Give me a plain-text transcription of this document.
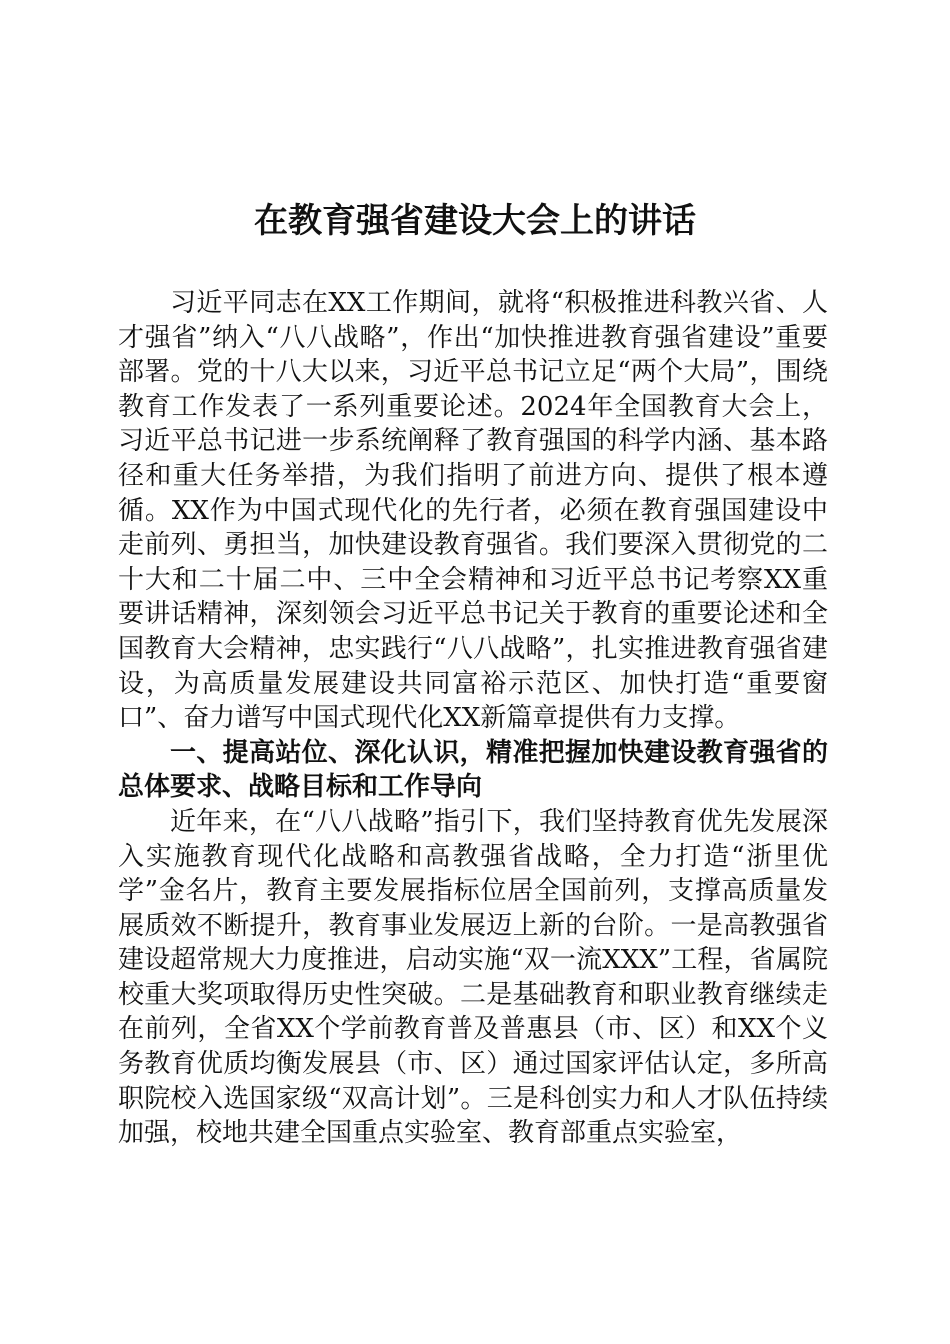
在教育强省建设大会上的讲话

习近平同志在XX工作期间，就将“积极推进科教兴省、人才强省”纳入“八八战略”，作出“加快推进教育强省建设”重要部署。党的十八大以来，习近平总书记立足“两个大局”，围绕教育工作发表了一系列重要论述。2024年全国教育大会上，习近平总书记进一步系统阐释了教育强国的科学内涵、基本路径和重大任务举措，为我们指明了前进方向、提供了根本遵循。XX作为中国式现代化的先行者，必须在教育强国建设中走前列、勇担当，加快建设教育强省。我们要深入贯彻党的二十大和二十届二中、三中全会精神和习近平总书记考察XX重要讲话精神，深刻领会习近平总书记关于教育的重要论述和全国教育大会精神，忠实践行“八八战略”，扎实推进教育强省建设，为高质量发展建设共同富裕示范区、加快打造“重要窗口”、奋力谱写中国式现代化XX新篇章提供有力支撑。

一、提高站位、深化认识，精准把握加快建设教育强省的总体要求、战略目标和工作导向

近年来，在“八八战略”指引下，我们坚持教育优先发展深入实施教育现代化战略和高教强省战略，全力打造“浙里优学”金名片，教育主要发展指标位居全国前列，支撑高质量发展质效不断提升，教育事业发展迈上新的台阶。一是高教强省建设超常规大力度推进，启动实施“双一流XXX”工程，省属院校重大奖项取得历史性突破。二是基础教育和职业教育继续走在前列，全省XX个学前教育普及普惠县（市、区）和XX个义务教育优质均衡发展县（市、区）通过国家评估认定，多所高职院校入选国家级“双高计划”。三是科创实力和人才队伍持续加强，校地共建全国重点实验室、教育部重点实验室，
